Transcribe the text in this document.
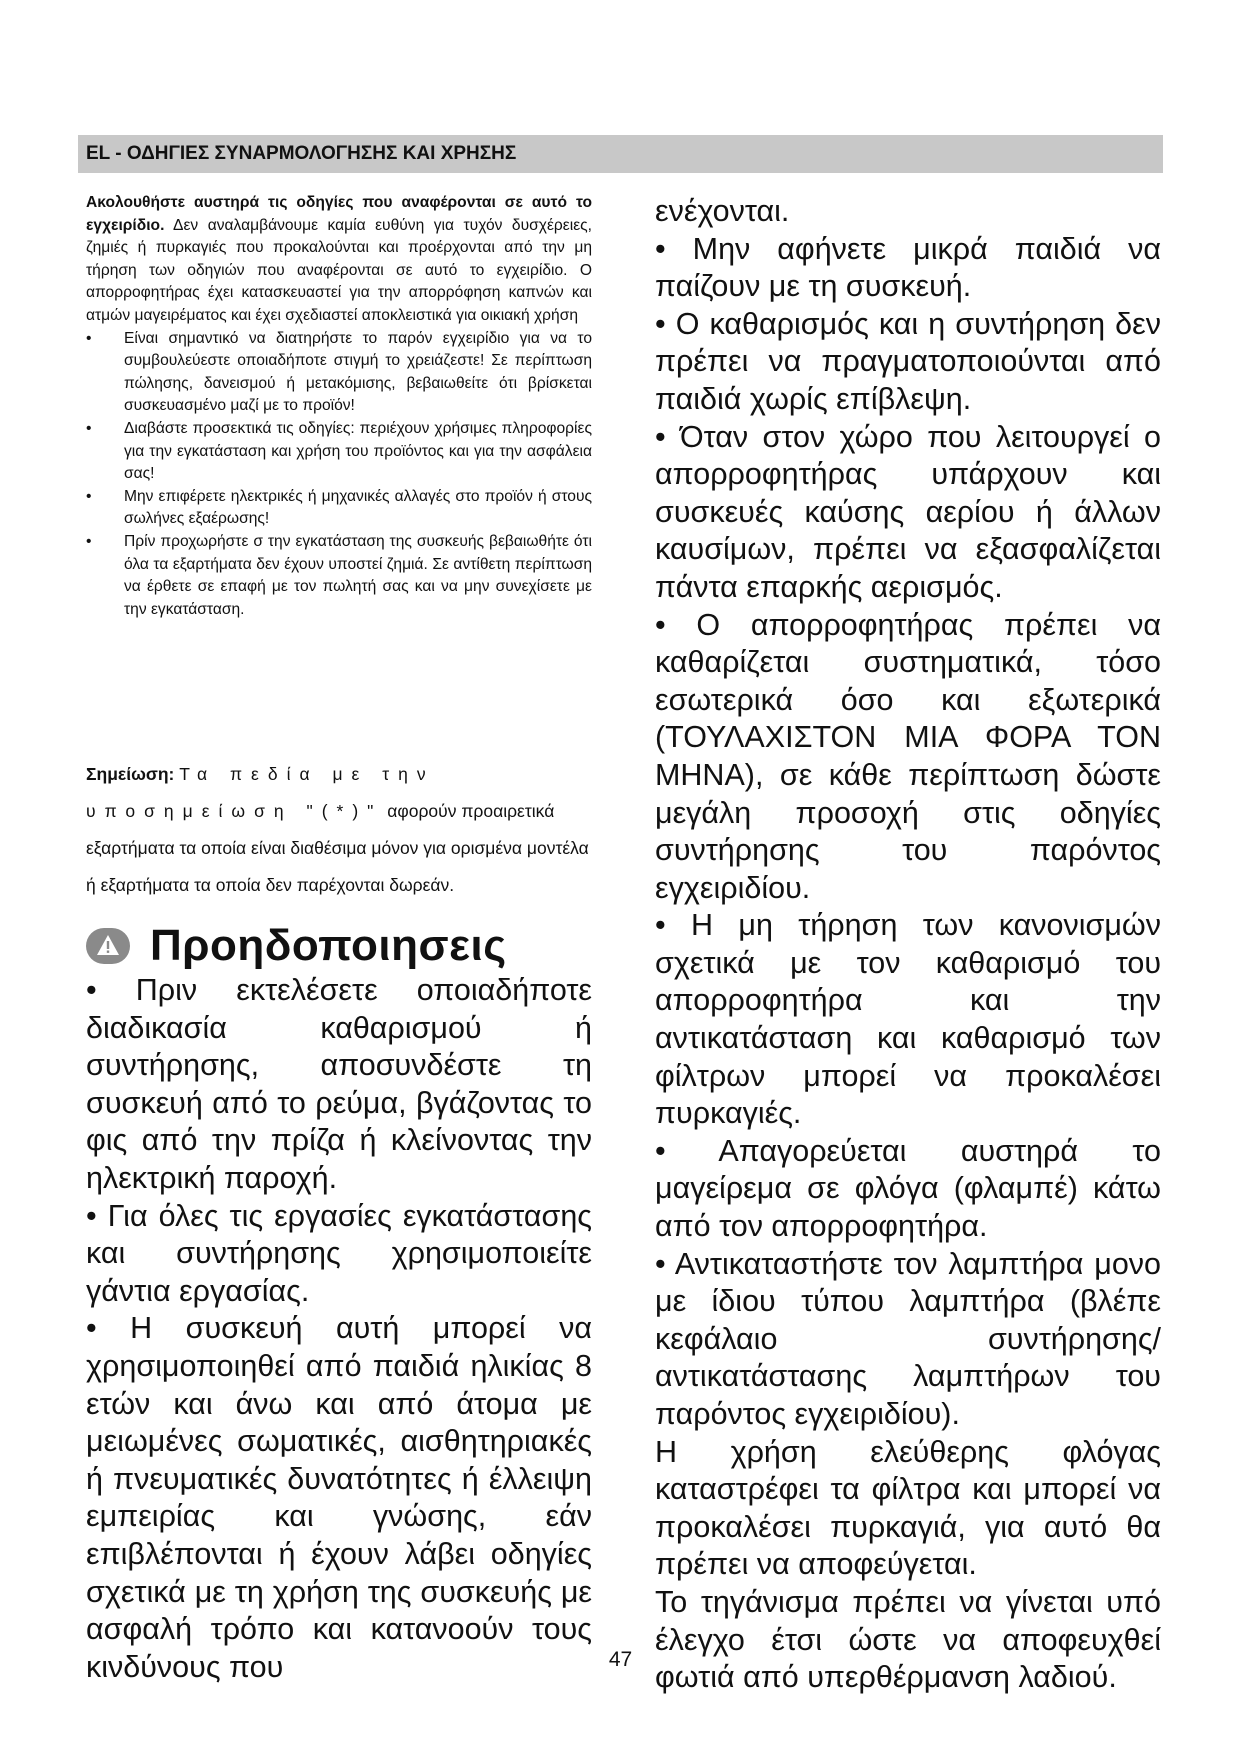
EL - ΟΔΗΓΙΕΣ ΣΥΝΑΡΜΟΛΟΓΗΣΗΣ ΚΑΙ ΧΡΗΣΗΣ
Ακολουθήστε αυστηρά τις οδηγίες που αναφέρονται σε αυτό το εγχειρίδιο. Δεν αναλαμβάνουμε καμία ευθύνη για τυχόν δυσχέρειες, ζημιές ή πυρκαγιές που προκαλούνται και προέρχονται από την μη τήρηση των οδηγιών που αναφέρονται σε αυτό το εγχειρίδιο. Ο απορροφητήρας έχει κατασκευαστεί για την απορρόφηση καπνών και ατμών μαγειρέματος και έχει σχεδιαστεί αποκλειστικά για οικιακή χρήση
• Είναι σημαντικό να διατηρήστε το παρόν εγχειρίδιο για να το συμβουλεύεστε οποιαδήποτε στιγμή το χρειάζεστε! Σε περίπτωση πώλησης, δανεισμού ή μετακόμισης, βεβαιωθείτε ότι βρίσκεται συσκευασμένο μαζί με το προϊόν!
• Διαβάστε προσεκτικά τις οδηγίες: περιέχουν χρήσιμες πληροφορίες για την εγκατάσταση και χρήση του προϊόντος και για την ασφάλεια σας!
• Μην επιφέρετε ηλεκτρικές ή μηχανικές αλλαγές στο προϊόν ή στους σωλήνες εξαέρωσης!
• Πρίν προχωρήστε σ την εγκατάσταση της συσκευής βεβαιωθήτε ότι όλα τα εξαρτήματα δεν έχουν υποστεί ζημιά. Σε αντίθετη περίπτωση να έρθετε σε επαφή με τον πωλητή σας και να μην συνεχίσετε με την εγκατάσταση.
Σημείωση: Τα πεδία με την υποσημείωση "(*)" αφορούν προαιρετικά εξαρτήματα τα οποία είναι διαθέσιμα μόνον για ορισμένα μοντέλα ή εξαρτήματα τα οποία δεν παρέχονται δωρεάν.
Προηδοποιησεις

• Πριν εκτελέσετε οποιαδήποτε διαδικασία καθαρισμού ή συντήρησης, αποσυνδέστε τη συσκευή από το ρεύμα, βγάζοντας το φις από την πρίζα ή κλείνοντας την ηλεκτρική παροχή.

• Για όλες τις εργασίες εγκατάστασης και συντήρησης χρησιμοποιείτε γάντια εργασίας.

• Η συσκευή αυτή μπορεί να χρησιμοποιηθεί από παιδιά ηλικίας 8 ετών και άνω και από άτομα με μειωμένες σωματικές, αισθητηριακές ή πνευματικές δυνατότητες ή έλλειψη εμπειρίας και γνώσης, εάν επιβλέπονται ή έχουν λάβει οδηγίες σχετικά με τη χρήση της συσκευής με ασφαλή τρόπο και κατανοούν τους κινδύνους που

ενέχονται.

• Μην αφήνετε μικρά παιδιά να παίζουν με τη συσκευή.

• Ο καθαρισμός και η συντήρηση δεν πρέπει να πραγματοποιούνται από παιδιά χωρίς επίβλεψη.

• Όταν στον χώρο που λειτουργεί ο απορροφητήρας υπάρχουν και συσκευές καύσης αερίου ή άλλων καυσίμων, πρέπει να εξασφαλίζεται πάντα επαρκής αερισμός.

• Ο απορροφητήρας πρέπει να καθαρίζεται συστηματικά, τόσο εσωτερικά όσο και εξωτερικά (ΤΟΥΛΑΧΙΣΤΟΝ ΜΙΑ ΦΟΡΑ ΤΟΝ ΜΗΝΑ), σε κάθε περίπτωση δώστε μεγάλη προσοχή στις οδηγίες συντήρησης του παρόντος εγχειριδίου.

• Η μη τήρηση των κανονισμών σχετικά με τον καθαρισμό του απορροφητήρα και την αντικατάσταση και καθαρισμό των φίλτρων μπορεί να προκαλέσει πυρκαγιές.

• Απαγορεύεται αυστηρά το μαγείρεμα σε φλόγα (φλαμπέ) κάτω από τον απορροφητήρα.

• Αντικαταστήστε τον λαμπτήρα μονο με ίδιου τύπου λαμπτήρα (βλέπε κεφάλαιο συντήρησης/αντικατάστασης λαμπτήρων του παρόντος εγχειριδίου).

Η χρήση ελεύθερης φλόγας καταστρέφει τα φίλτρα και μπορεί να προκαλέσει πυρκαγιά, για αυτό θα πρέπει να αποφεύγεται.

Το τηγάνισμα πρέπει να γίνεται υπό έλεγχο έτσι ώστε να αποφευχθεί φωτιά από υπερθέρμανση λαδιού.

47
